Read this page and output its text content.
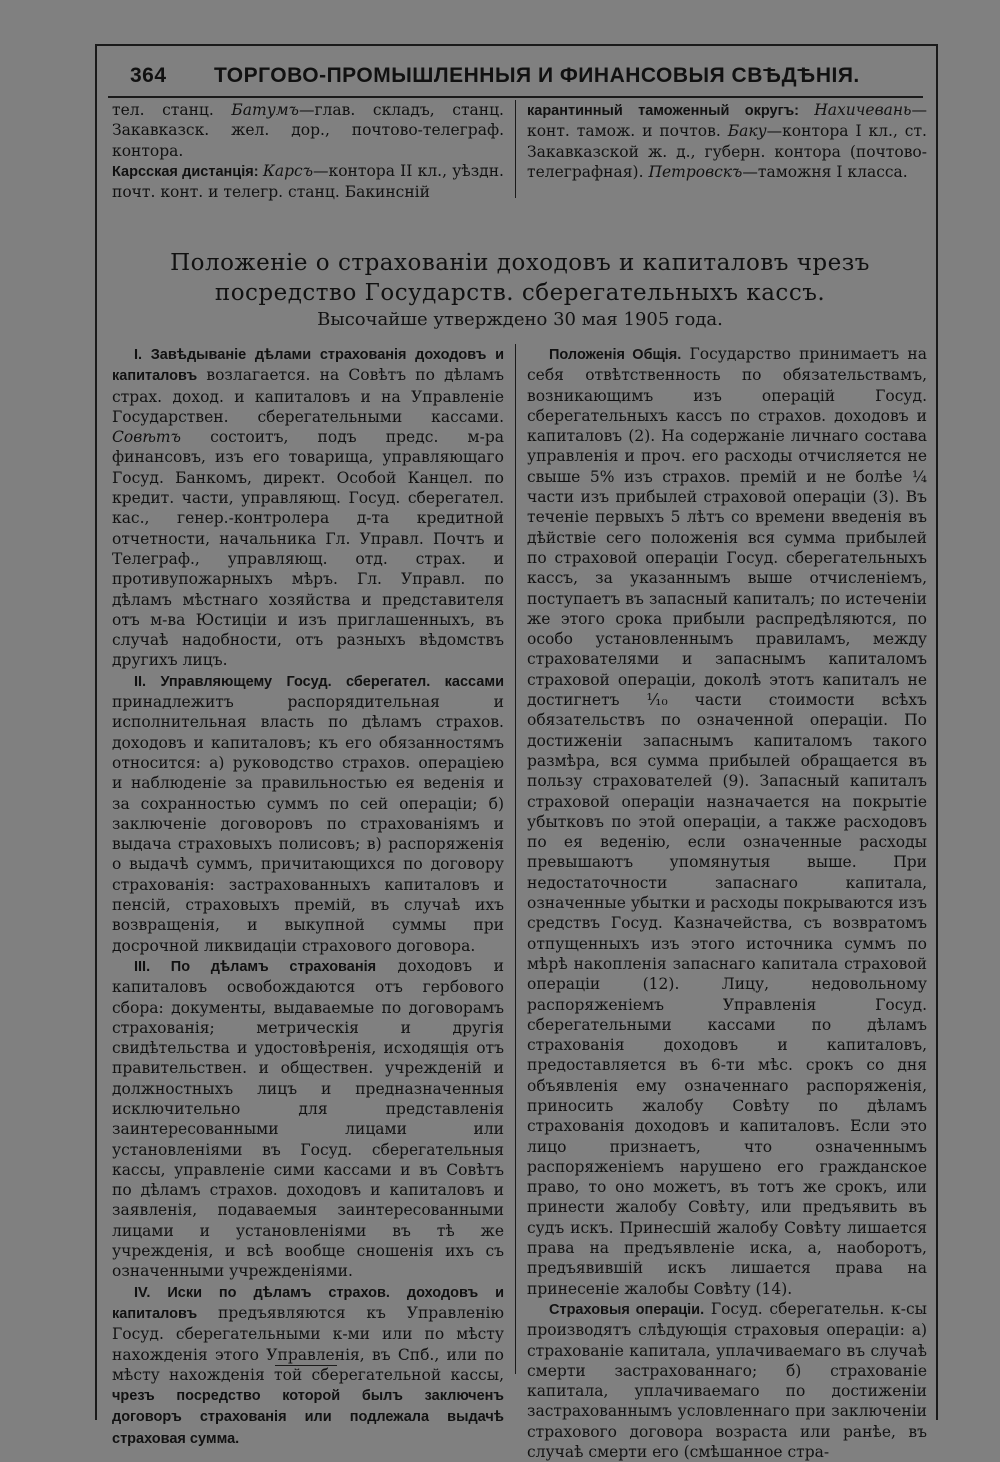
364 ТОРГОВО-ПРОМЫШЛЕННЫЯ И ФИНАНСОВЫЯ СВѢДѢНІЯ.

тел. станц. Батумъ—глав. складъ, станц. Закавказск. жел. дор., почтово-телеграф. контора.

Карсская дистанція: Карсъ—контора II кл., уѣздн. почт. конт. и телегр. станц. Бакинсній

карантинный таможенный округъ: Нахичевань—конт. тамож. и почтов. Баку—контора I кл., ст. Закавказской ж. д., губерн. контора (почтово-телеграфная). Петровскъ—таможня I класса.

Положеніе о страхованіи доходовъ и капиталовъ чрезъ посредство Государств. сберегательныхъ кассъ.
Высочайше утверждено 30 мая 1905 года.

I. Завѣдываніе дѣлами страхованія доходовъ и капиталовъ возлагается. на Совѣтъ по дѣламъ страх. доход. и капиталовъ и на Управленіе Государствен. сберегательными кассами. Совѣтъ состоитъ, подъ предс. м-ра финансовъ, изъ его товарища, управляющаго Госуд. Банкомъ, директ. Особой Канцел. по кредит. части, управляющ. Госуд. сберегател. кас., генер.-контролера д-та кредитной отчетности, начальника Гл. Управл. Почтъ и Телеграф., управляющ. отд. страх. и противупожарныхъ мѣръ. Гл. Управл. по дѣламъ мѣстнаго хозяйства и представителя отъ м-ва Юстиціи и изъ приглашенныхъ, въ случаѣ надобности, отъ разныхъ вѣдомствъ другихъ лицъ.

II. Управляющему Госуд. сберегател. кассами принадлежитъ распорядительная и исполнительная власть по дѣламъ страхов. доходовъ и капиталовъ; къ его обязанностямъ относится: а) руководство страхов. операціею и наблюденіе за правильностью ея веденія и за сохранностью суммъ по сей операціи; б) заключеніе договоровъ по страхованіямъ и выдача страховыхъ полисовъ; в) распоряженія о выдачѣ суммъ, причитающихся по договору страхованія: застрахованныхъ капиталовъ и пенсій, страховыхъ премій, въ случаѣ ихъ возвращенія, и выкупной суммы при досрочной ликвидаціи страхового договора.

III. По дѣламъ страхованія доходовъ и капиталовъ освобождаются отъ гербового сбора: документы, выдаваемые по договорамъ страхованія; метрическія и другія свидѣтельства и удостовѣренія, исходящія отъ правительствен. и обществен. учрежденій и должностныхъ лицъ и предназначенныя исключительно для представленія заинтересованными лицами или установленіями въ Госуд. сберегательныя кассы, управленіе сими кассами и въ Совѣтъ по дѣламъ страхов. доходовъ и капиталовъ и заявленія, подаваемыя заинтересованными лицами и установленіями въ тѣ же учрежденія, и всѣ вообще сношенія ихъ съ означенными учрежденіями.

IV. Иски по дѣламъ страхов. доходовъ и капиталовъ предъявляются къ Управленію Госуд. сберегательными к-ми или по мѣсту нахожденія этого Управленія, въ Спб., или по мѣсту нахожденія той сберегательной кассы, чрезъ посредство которой былъ заключенъ договоръ страхованія или подлежала выдачѣ страховая сумма.

Положенія Общія. Государство принимаетъ на себя отвѣтственность по обязательствамъ, возникающимъ изъ операцій Госуд. сберегательныхъ кассъ по страхов. доходовъ и капиталовъ (2). На содержаніе личнаго состава управленія и проч. его расходы отчисляется не свыше 5% изъ страхов. премій и не болѣе ¼ части изъ прибылей страховой операціи (3). Въ теченіе первыхъ 5 лѣтъ со времени введенія въ дѣйствіе сего положенія вся сумма прибылей по страховой операціи Госуд. сберегательныхъ кассъ, за указаннымъ выше отчисленіемъ, поступаетъ въ запасный капиталъ; по истеченіи же этого срока прибыли распредѣляются, по особо установленнымъ правиламъ, между страхователями и запаснымъ капиталомъ страховой операціи, доколѣ этотъ капиталъ не достигнетъ ¹⁄₁₀ части стоимости всѣхъ обязательствъ по означенной операціи. По достиженіи запаснымъ капиталомъ такого размѣра, вся сумма прибылей обращается въ пользу страхователей (9). Запасный капиталъ страховой операціи назначается на покрытіе убытковъ по этой операціи, а также расходовъ по ея веденію, если означенные расходы превышаютъ упомянутыя выше. При недостаточности запаснаго капитала, означенные убытки и расходы покрываются изъ средствъ Госуд. Казначейства, съ возвратомъ отпущенныхъ изъ этого источника суммъ по мѣрѣ накопленія запаснаго капитала страховой операціи (12). Лицу, недовольному распоряженіемъ Управленія Госуд. сберегательными кассами по дѣламъ страхованія доходовъ и капиталовъ, предоставляется въ 6-ти мѣс. срокъ со дня объявленія ему означеннаго распоряженія, приносить жалобу Совѣту по дѣламъ страхованія доходовъ и капиталовъ. Если это лицо признаетъ, что означеннымъ распоряженіемъ нарушено его гражданское право, то оно можетъ, въ тотъ же срокъ, или принести жалобу Совѣту, или предъявить въ судъ искъ. Принесшій жалобу Совѣту лишается права на предъявленіе иска, а, наоборотъ, предъявившій искъ лишается права на принесеніе жалобы Совѣту (14).

Страховыя операціи. Госуд. сберегательн. к-сы производятъ слѣдующія страховыя операціи: а) страхованіе капитала, уплачиваемаго въ случаѣ смерти застрахованнаго; б) страхованіе капитала, уплачиваемаго по достиженіи застрахованнымъ условленнаго при заключеніи страхового договора возраста или ранѣе, въ случаѣ смерти его (смѣшанное стра-
